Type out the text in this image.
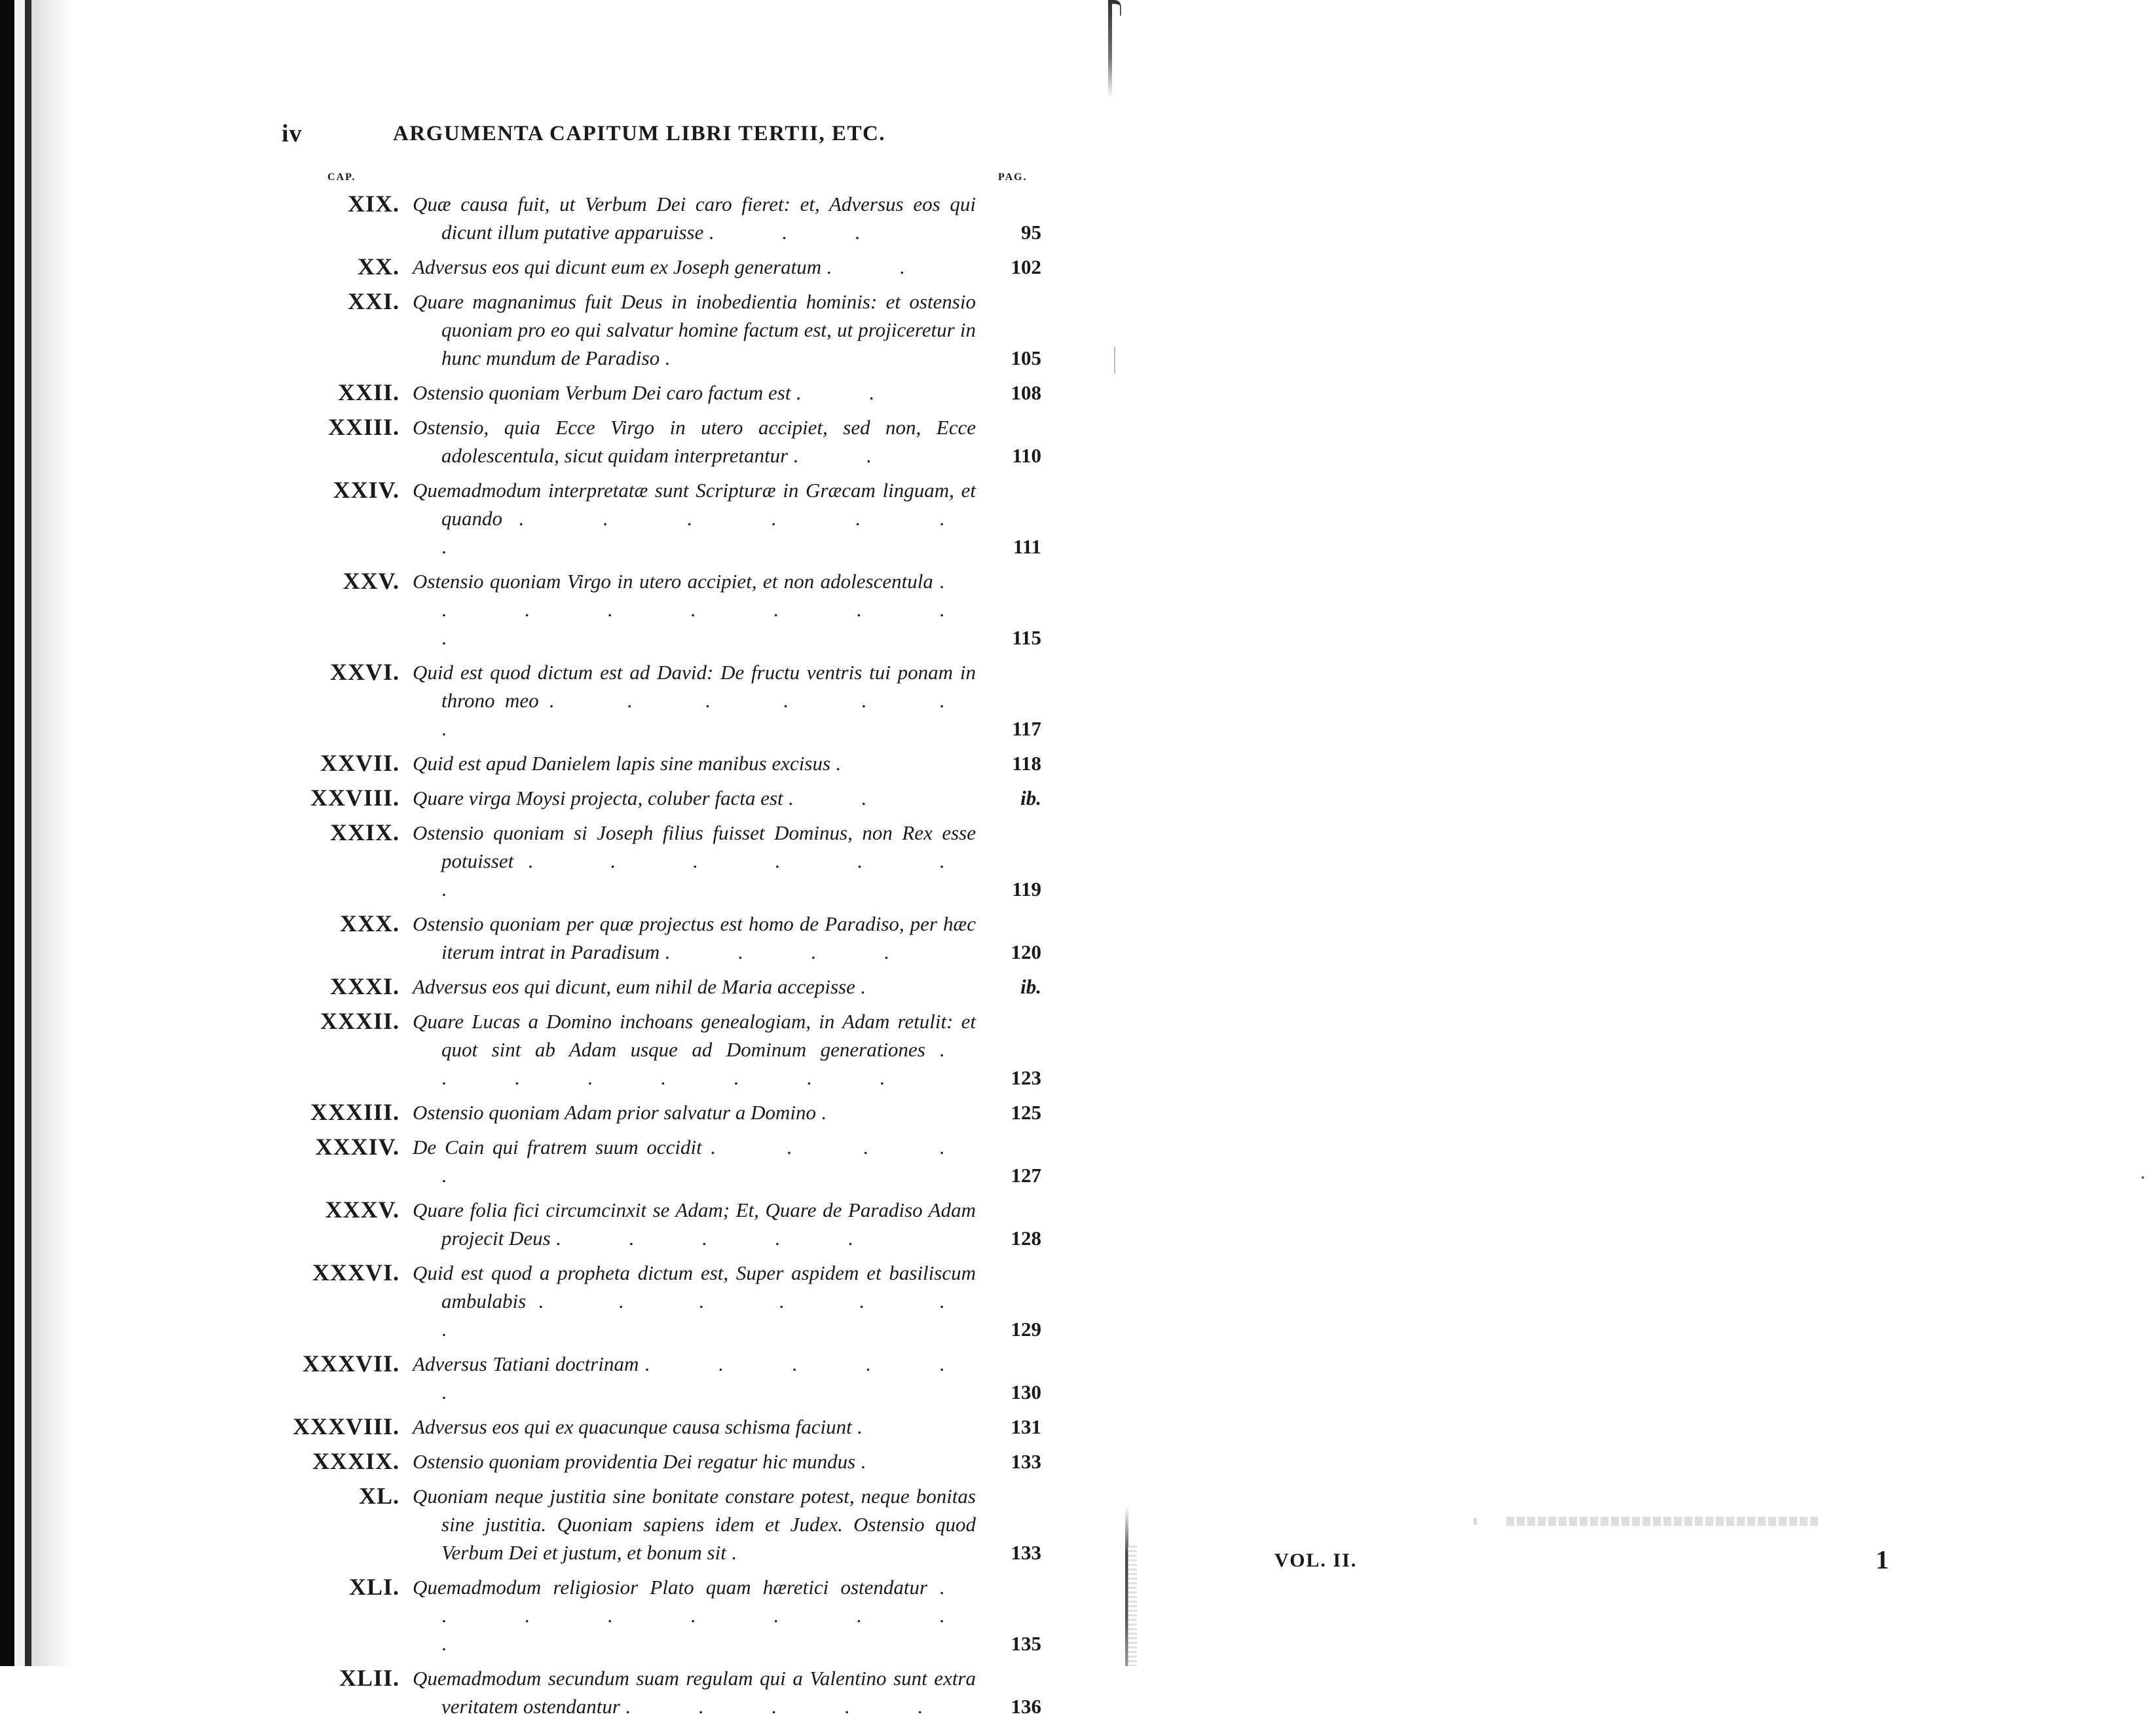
iv	ARGUMENTA CAPITUM LIBRI TERTII, ETC.
CAP.	PAG.
XIX. Quæ causa fuit, ut Verbum Dei caro fieret: et, Adversus eos qui dicunt illum putative apparuisse . . .	95
XX. Adversus eos qui dicunt eum ex Joseph generatum . .	102
XXI. Quare magnanimus fuit Deus in inobedientia hominis: et ostensio quoniam pro eo qui salvatur homine factum est, ut projiceretur in hunc mundum de Paradiso .	105
XXII. Ostensio quoniam Verbum Dei caro factum est . .	108
XXIII. Ostensio, quia Ecce Virgo in utero accipiet, sed non, Ecce adolescentula, sicut quidam interpretantur . .	110
XXIV. Quemadmodum interpretatæ sunt Scripturæ in Græcam linguam, et quando . . . . . . .	111
XXV. Ostensio quoniam Virgo in utero accipiet, et non adolescentula . . . . . . . . .	115
XXVI. Quid est quod dictum est ad David: De fructu ventris tui ponam in throno meo . . . . . . .	117
XXVII. Quid est apud Danielem lapis sine manibus excisus .	118
XXVIII. Quare virga Moysi projecta, coluber facta est . .	ib.
XXIX. Ostensio quoniam si Joseph filius fuisset Dominus, non Rex esse potuisset . . . . . . .	119
XXX. Ostensio quoniam per quæ projectus est homo de Paradiso, per hæc iterum intrat in Paradisum . . . .	120
XXXI. Adversus eos qui dicunt, eum nihil de Maria accepisse .	ib.
XXXII. Quare Lucas a Domino inchoans genealogiam, in Adam retulit: et quot sint ab Adam usque ad Dominum generationes . . . . . . . .	123
XXXIII. Ostensio quoniam Adam prior salvatur a Domino .	125
XXXIV. De Cain qui fratrem suum occidit . . . . .	127
XXXV. Quare folia fici circumcinxit se Adam; Et, Quare de Paradiso Adam projecit Deus . . . . .	128
XXXVI. Quid est quod a propheta dictum est, Super aspidem et basiliscum ambulabis . . . . . . .	129
XXXVII. Adversus Tatiani doctrinam . . . . . .	130
XXXVIII. Adversus eos qui ex quacunque causa schisma faciunt .	131
XXXIX. Ostensio quoniam providentia Dei regatur hic mundus .	133
XL. Quoniam neque justitia sine bonitate constare potest, neque bonitas sine justitia. Quoniam sapiens idem et Judex. Ostensio quod Verbum Dei et justum, et bonum sit .	133
XLI. Quemadmodum religiosior Plato quam hæretici ostendatur . . . . . . . . .	135
XLII. Quemadmodum secundum suam regulam qui a Valentino sunt extra veritatem ostendantur . . . . .	136
VOL. II.	1
